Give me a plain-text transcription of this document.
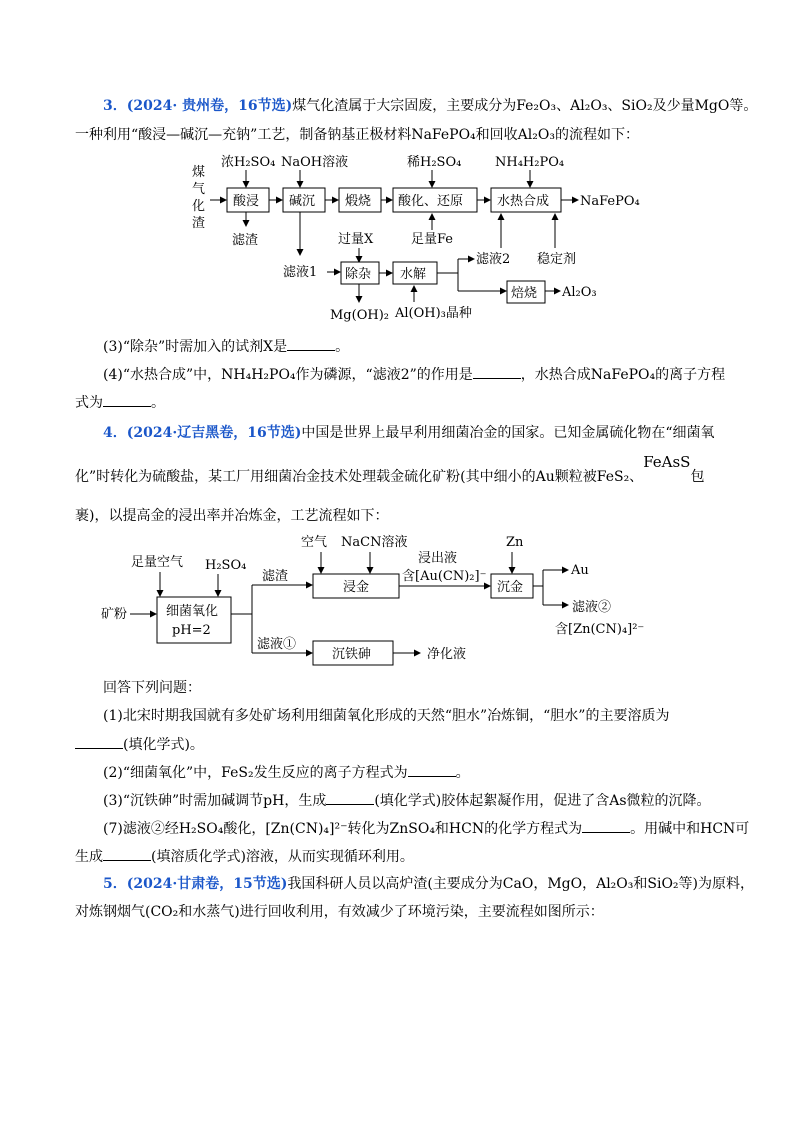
3．(2024· 贵州卷，16节选)煤气化渣属于大宗固废，主要成分为Fe₂O₃、Al₂O₃、SiO₂及少量MgO等。
一种利用“酸浸—碱沉—充钠”工艺，制备钠基正极材料NaFePO₄和回收Al₂O₃的流程如下：
煤
气
化
渣
浓H₂SO₄ NaOH溶液	稀H₂SO₄	NH₄H₂PO₄
酸浸 碱沉 煅烧 酸化、还原	水热合成 NaFePO₄
滤渣	足量Fe
过量X
滤液1 除杂
Mg(OH)₂
水解
Al(OH)₃晶种
滤液2
焙烧 Al₂O₃
稳定剂
(3)“除杂”时需加入的试剂X是	。
(4)“水热合成”中，NH₄H₂PO₄作为磷源，“滤液2”的作用是	，水热合成NaFePO₄的离子方程
式为	。
4．(2024·辽吉黑卷，16节选)中国是世界上最早利用细菌冶金的国家。已知金属硫化物在“细菌氧
化”时转化为硫酸盐，某工厂用细菌冶金技术处理载金硫化矿粉(其中细小的Au颗粒被FeS₂、FeAsS包
裹)，以提高金的浸出率并冶炼金，工艺流程如下：
足量空气 H₂SO₄
矿粉	细菌氧化
pH=2
滤渣
滤液①
空气 NaCN溶液
浸金
浸出液
含[Au(CN)₂]⁻
Zn
沉金
Au
滤液②
含[Zn(CN)₄]²⁻
沉铁砷	净化液
回答下列问题：
(1)北宋时期我国就有多处矿场利用细菌氧化形成的天然“胆水”冶炼铜，“胆水”的主要溶质为
(填化学式)。
(2)“细菌氧化”中，FeS₂发生反应的离子方程式为	。
(3)“沉铁砷”时需加碱调节pH，生成	(填化学式)胶体起絮凝作用，促进了含As微粒的沉降。
(7)滤液②经H₂SO₄酸化，[Zn(CN)₄]²⁻转化为ZnSO₄和HCN的化学方程式为	。用碱中和HCN可
生成	(填溶质化学式)溶液，从而实现循环利用。
5．(2024·甘肃卷，15节选)我国科研人员以高炉渣(主要成分为CaO，MgO，Al₂O₃和SiO₂等)为原料，
对炼钢烟气(CO₂和水蒸气)进行回收利用，有效减少了环境污染，主要流程如图所示：
